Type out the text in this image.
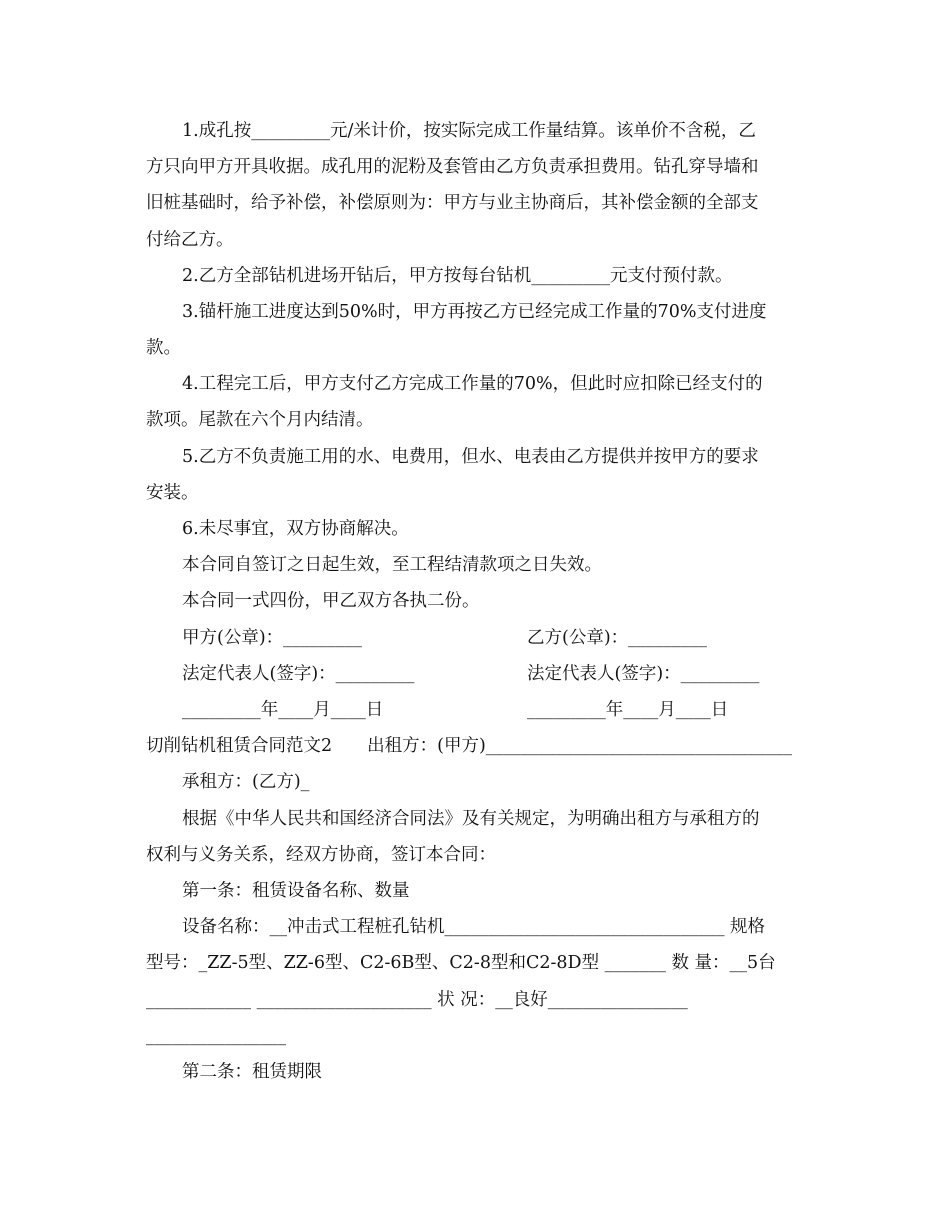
1.成孔按_________元/米计价，按实际完成工作量结算。该单价不含税，乙
方只向甲方开具收据。成孔用的泥粉及套管由乙方负责承担费用。钻孔穿导墙和
旧桩基础时，给予补偿，补偿原则为：甲方与业主协商后，其补偿金额的全部支
付给乙方。
2.乙方全部钻机进场开钻后，甲方按每台钻机_________元支付预付款。
3.锚杆施工进度达到50%时，甲方再按乙方已经完成工作量的70%支付进度
款。
4.工程完工后，甲方支付乙方完成工作量的70%，但此时应扣除已经支付的
款项。尾款在六个月内结清。
5.乙方不负责施工用的水、电费用，但水、电表由乙方提供并按甲方的要求
安装。
6.未尽事宜，双方协商解决。
本合同自签订之日起生效，至工程结清款项之日失效。
本合同一式四份，甲乙双方各执二份。
甲方(公章)：_________	乙方(公章)：_________
法定代表人(签字)：_________	法定代表人(签字)：_________
_________年____月____日	_________年____月____日
切削钻机租赁合同范文2　　出租方：(甲方)___________________________________
承租方：(乙方)_
根据《中华人民共和国经济合同法》及有关规定，为明确出租方与承租方的
权利与义务关系，经双方协商，签订本合同：
第一条：租赁设备名称、数量
设备名称：__冲击式工程桩孔钻机________________________________ 规格
型号：_ZZ-5型、ZZ-6型、C2-6B型、C2-8型和C2-8D型 _______ 数 量：__5台
____________ ____________________ 状 况：__良好________________
________________
第二条：租赁期限
